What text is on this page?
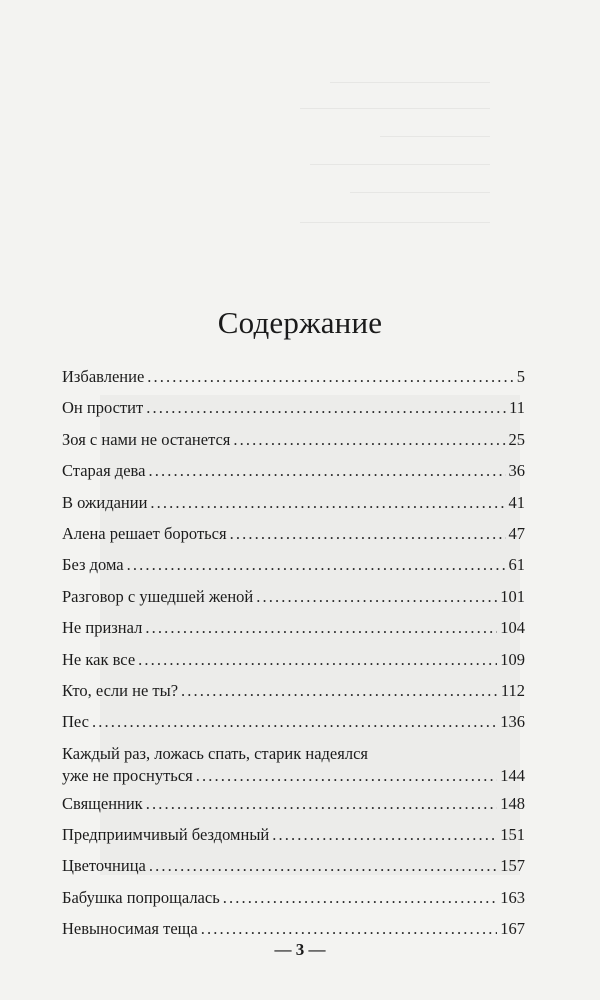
Содержание
Избавление . . .	5
Он простит . . .	11
Зоя с нами не останется . . .	25
Старая дева . . .	36
В ожидании . . .	41
Алена решает бороться . . .	47
Без дома . . .	61
Разговор с ушедшей женой . . .	101
Не признал . . .	104
Не как все . . .	109
Кто, если не ты? . . .	112
Пес . . .	136
Каждый раз, ложась спать, старик надеялся
уже не проснуться . . .	144
Священник . . .	148
Предприимчивый бездомный . . .	151
Цветочница . . .	157
Бабушка попрощалась . . .	163
Невыносимая теща . . .	167
— 3 —
